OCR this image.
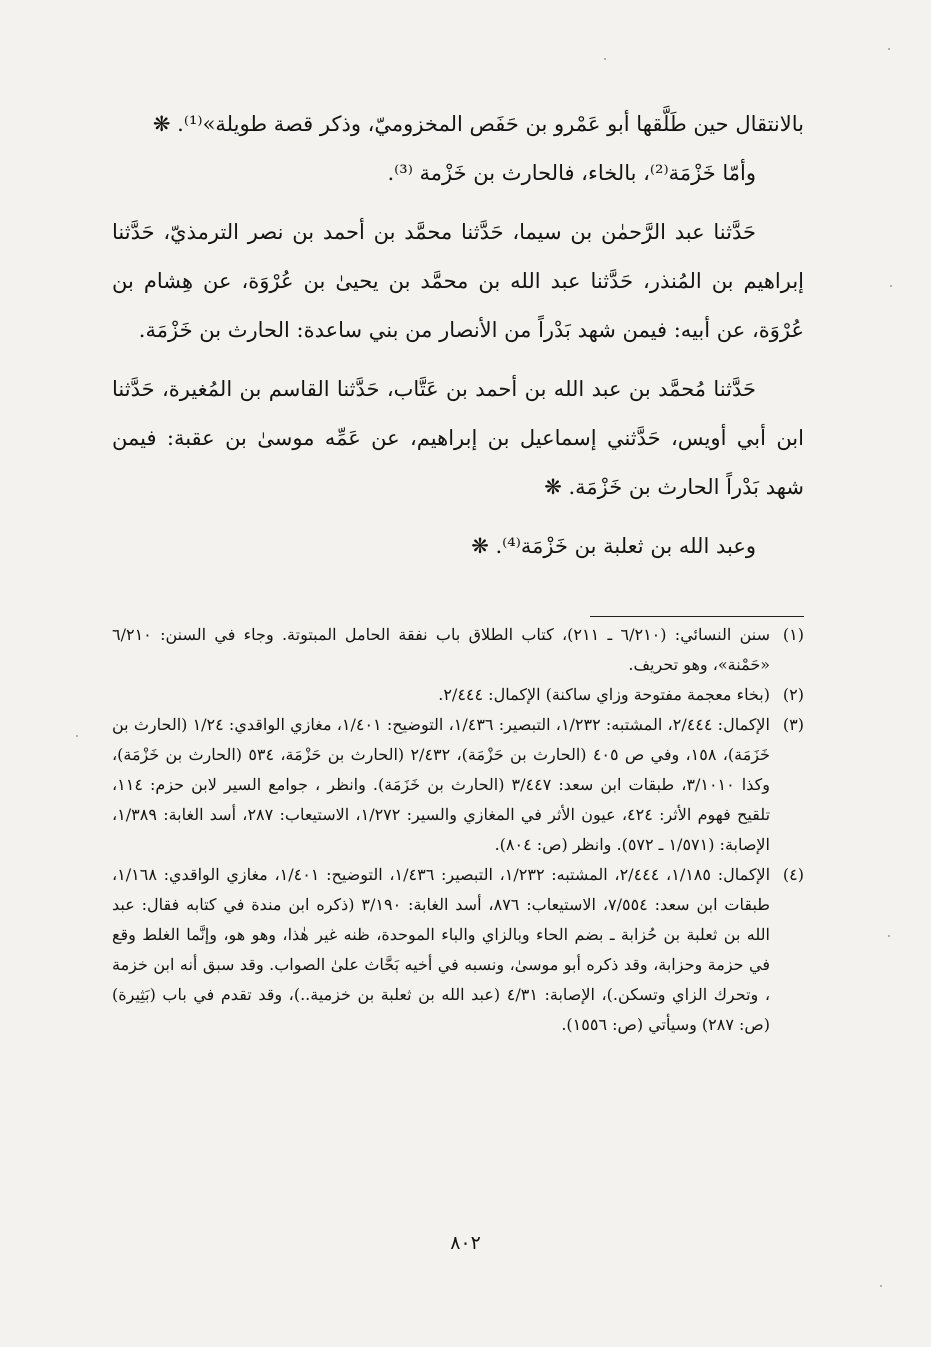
بالانتقال حين طَلَّقها أبو عَمْرو بن حَفَص المخزوميّ، وذكر قصة طويلة»⁽¹⁾. ❋

وأمّا خَزْمَة⁽²⁾، بالخاء، فالحارث بن خَزْمة ⁽³⁾.

حَدَّثنا عبد الرَّحمٰن بن سيما، حَدَّثنا محمَّد بن أحمد بن نصر الترمذيّ، حَدَّثنا إبراهيم بن المُنذر، حَدَّثنا عبد الله بن محمَّد بن يحيىٰ بن عُرْوَة، عن هِشام بن عُرْوَة، عن أبيه: فيمن شهد بَدْراً من الأنصار من بني ساعدة: الحارث بن خَزْمَة.

حَدَّثنا مُحمَّد بن عبد الله بن أحمد بن عَتَّاب، حَدَّثنا القاسم بن المُغيرة، حَدَّثنا ابن أبي أويس، حَدَّثني إسماعيل بن إبراهيم، عن عَمِّه موسىٰ بن عقبة: فيمن شهد بَدْراً الحارث بن خَزْمَة. ❋

وعبد الله بن ثعلبة بن خَزْمَة⁽⁴⁾. ❋

(١)
سنن النسائي: (٦/٢١٠ ـ ٢١١)، كتاب الطلاق باب نفقة الحامل المبتوتة. وجاء في السنن: ٦/٢١٠ «حَمْنة»، وهو تحريف.

(٢)
(بخاء معجمة مفتوحة وزاي ساكنة) الإكمال: ٢/٤٤٤.

(٣)
الإكمال: ٢/٤٤٤، المشتبه: ١/٢٣٢، التبصير: ١/٤٣٦، التوضيح: ١/٤٠١، مغازي الواقدي: ١/٢٤ (الحارث بن خَزَمَة)، ١٥٨، وفي ص ٤٠٥ (الحارث بن حَزْمَة)، ٢/٤٣٢ (الحارث بن حَزْمَة، ٥٣٤ (الحارث بن خَزْمَة)، وكذا ٣/١٠١٠، طبقات ابن سعد: ٣/٤٤٧ (الحارث بن خَزَمَة). وانظر ، جوامع السير لابن حزم: ١١٤، تلقيح فهوم الأثر: ٤٢٤، عيون الأثر في المغازي والسير: ١/٢٧٢، الاستيعاب: ٢٨٧، أسد الغابة: ١/٣٨٩، الإصابة: (١/٥٧١ ـ ٥٧٢). وانظر (ص: ٨٠٤).

(٤)
الإكمال: ١/١٨٥، ٢/٤٤٤، المشتبه: ١/٢٣٢، التبصير: ١/٤٣٦، التوضيح: ١/٤٠١، مغازي الواقدي: ١/١٦٨، طبقات ابن سعد: ٧/٥٥٤، الاستيعاب: ٨٧٦، أسد الغابة: ٣/١٩٠ (ذكره ابن مندة في كتابه فقال: عبد الله بن ثعلبة بن حُزابة ـ بضم الحاء وبالزاي والباء الموحدة، ظنه غير هٰذا، وهو هو، وإنَّما الغلط وقع في حزمة وحزابة، وقد ذكره أبو موسىٰ، ونسبه في أخيه بَحَّاث علىٰ الصواب. وقد سبق أنه ابن خزمة ، وتحرك الزاي وتسكن.)، الإصابة: ٤/٣١ (عبد الله بن ثعلبة بن خزمية..)، وقد تقدم في باب (بَثِيرة) (ص: ٢٨٧) وسيأتي (ص: ١٥٥٦).

٨٠٢
